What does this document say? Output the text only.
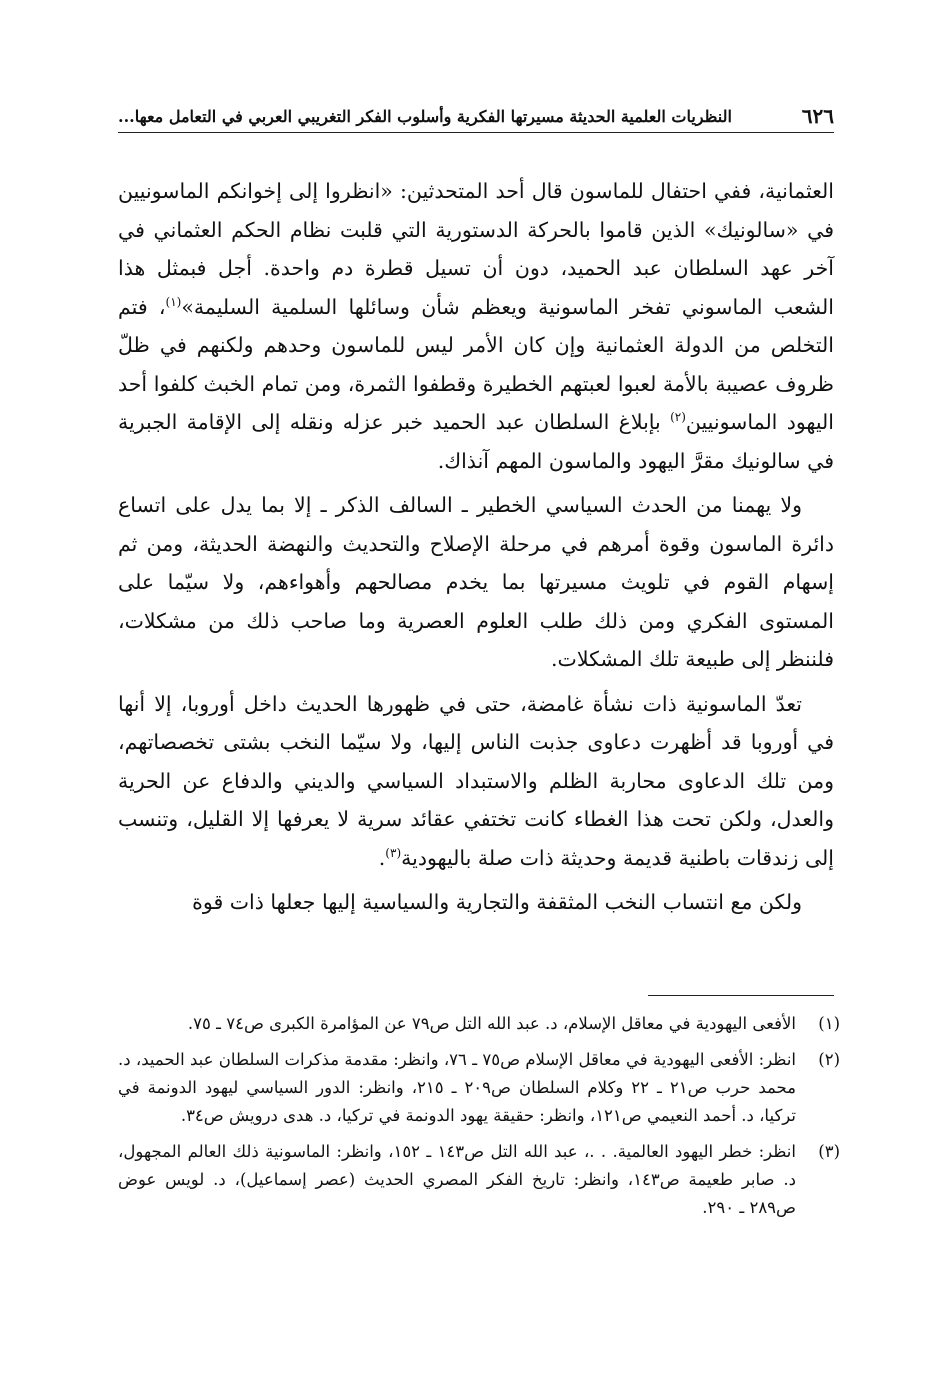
٦٢٦
النظريات العلمية الحديثة مسيرتها الفكرية وأسلوب الفكر التغريبي العربي في التعامل معها...

العثمانية، ففي احتفال للماسون قال أحد المتحدثين: «انظروا إلى إخوانكم الماسونيين في «سالونيك» الذين قاموا بالحركة الدستورية التي قلبت نظام الحكم العثماني في آخر عهد السلطان عبد الحميد، دون أن تسيل قطرة دم واحدة. أجل فبمثل هذا الشعب الماسوني تفخر الماسونية ويعظم شأن وسائلها السلمية السليمة»$^{(١)}$، فتم التخلص من الدولة العثمانية وإن كان الأمر ليس للماسون وحدهم ولكنهم في ظلّ ظروف عصيبة بالأمة لعبوا لعبتهم الخطيرة وقطفوا الثمرة، ومن تمام الخبث كلفوا أحد اليهود الماسونيين$^{(٢)}$ بإبلاغ السلطان عبد الحميد خبر عزله ونقله إلى الإقامة الجبرية في سالونيك مقرَّ اليهود والماسون المهم آنذاك.

ولا يهمنا من الحدث السياسي الخطير ـ السالف الذكر ـ إلا بما يدل على اتساع دائرة الماسون وقوة أمرهم في مرحلة الإصلاح والتحديث والنهضة الحديثة، ومن ثم إسهام القوم في تلويث مسيرتها بما يخدم مصالحهم وأهواءهم، ولا سيّما على المستوى الفكري ومن ذلك طلب العلوم العصرية وما صاحب ذلك من مشكلات، فلننظر إلى طبيعة تلك المشكلات.

تعدّ الماسونية ذات نشأة غامضة، حتى في ظهورها الحديث داخل أوروبا، إلا أنها في أوروبا قد أظهرت دعاوى جذبت الناس إليها، ولا سيّما النخب بشتى تخصصاتهم، ومن تلك الدعاوى محاربة الظلم والاستبداد السياسي والديني والدفاع عن الحرية والعدل، ولكن تحت هذا الغطاء كانت تختفي عقائد سرية لا يعرفها إلا القليل، وتنسب إلى زندقات باطنية قديمة وحديثة ذات صلة باليهودية$^{(٣)}$.

ولكن مع انتساب النخب المثقفة والتجارية والسياسية إليها جعلها ذات قوة

(١)
الأفعى اليهودية في معاقل الإسلام، د. عبد الله التل ص٧٩ عن المؤامرة الكبرى ص٧٤ ـ ٧٥.
(٢)
انظر: الأفعى اليهودية في معاقل الإسلام ص٧٥ ـ ٧٦، وانظر: مقدمة مذكرات السلطان عبد الحميد، د. محمد حرب ص٢١ ـ ٢٢ وكلام السلطان ص٢٠٩ ـ ٢١٥، وانظر: الدور السياسي ليهود الدونمة في تركيا، د. أحمد النعيمي ص١٢١، وانظر: حقيقة يهود الدونمة في تركيا، د. هدى درويش ص٣٤.
(٣)
انظر: خطر اليهود العالمية. . .، عبد الله التل ص١٤٣ ـ ١٥٢، وانظر: الماسونية ذلك العالم المجهول، د. صابر طعيمة ص١٤٣، وانظر: تاريخ الفكر المصري الحديث (عصر إسماعيل)، د. لويس عوض ص٢٨٩ ـ ٢٩٠.
